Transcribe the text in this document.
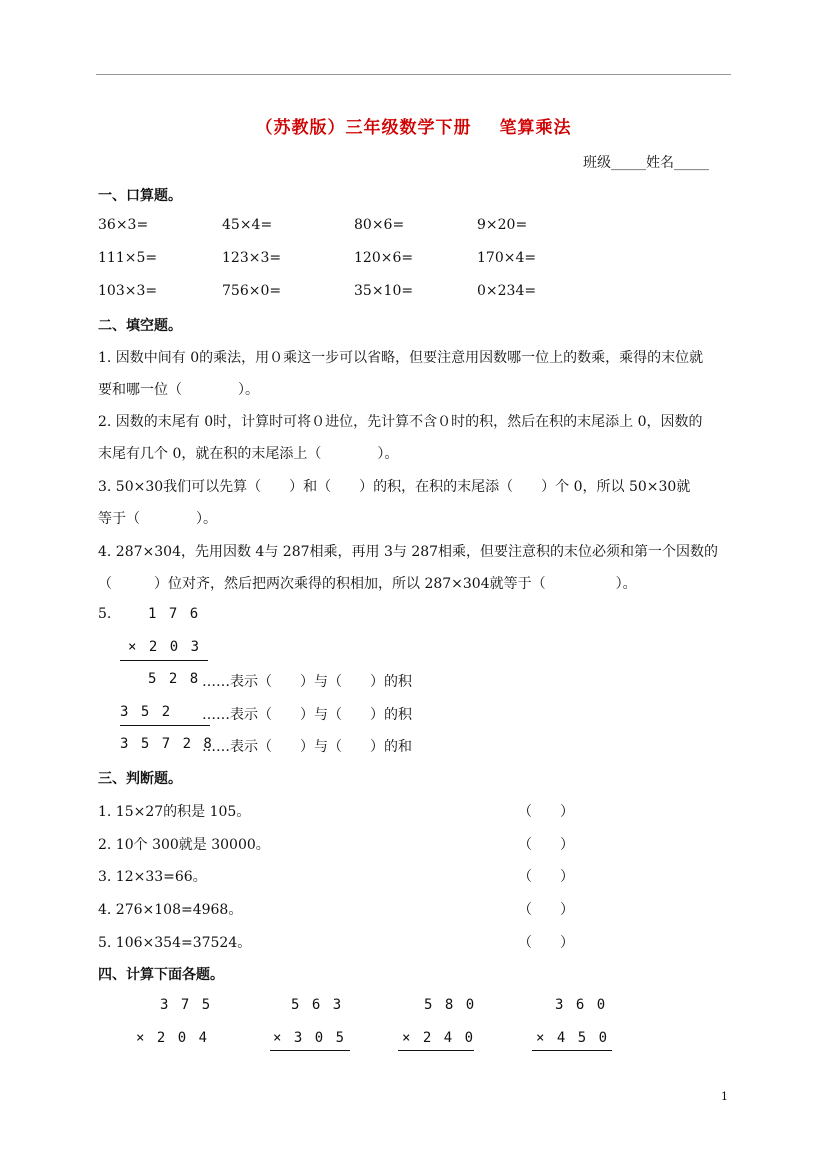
（苏教版）三年级数学下册 笔算乘法
班级_____姓名_____
一、口算题。
36×3=	45×4=	80×6=	9×20=
111×5=	123×3=	120×6=	170×4=
103×3=	756×0=	35×10=	0×234=
二、填空题。
1. 因数中间有 0的乘法，用０乘这一步可以省略，但要注意用因数哪一位上的数乘，乘得的末位就
要和哪一位（　　　　）。
2. 因数的末尾有 0时，计算时可将０进位，先计算不含０时的积，然后在积的末尾添上 0，因数的
末尾有几个 0，就在积的末尾添上（　　　　）。
3. 50×30我们可以先算（　　）和（　　）的积，在积的末尾添（　　）个 0，所以 50×30就
等于（　　　　）。
4. 287×304，先用因数 4与 287相乘，再用 3与 287相乘，但要注意积的末位必须和第一个因数的
（　　　）位对齐，然后把两次乘得的积相加，所以 287×304就等于（　　　　　）。
5.	1 7 6
× 2 0 3
5 2 8 ……表示（　　）与（　　）的积
3 5 2 ……表示（　　）与（　　）的积
3 5 7 2 8
……表示（　　）与（　　）的和
三、判断题。
1. 15×27的积是 105。	（　　）
2. 10个 300就是 30000。	（　　）
3. 12×33=66。	（　　）
4. 276×108=4968。	（　　）
5. 106×354=37524。	（　　）
四、计算下面各题。
3 7 5
× 2 0 4
5 6 3
× 3 0 5
5 8 0
× 2 4 0
3 6 0
× 4 5 0
1
